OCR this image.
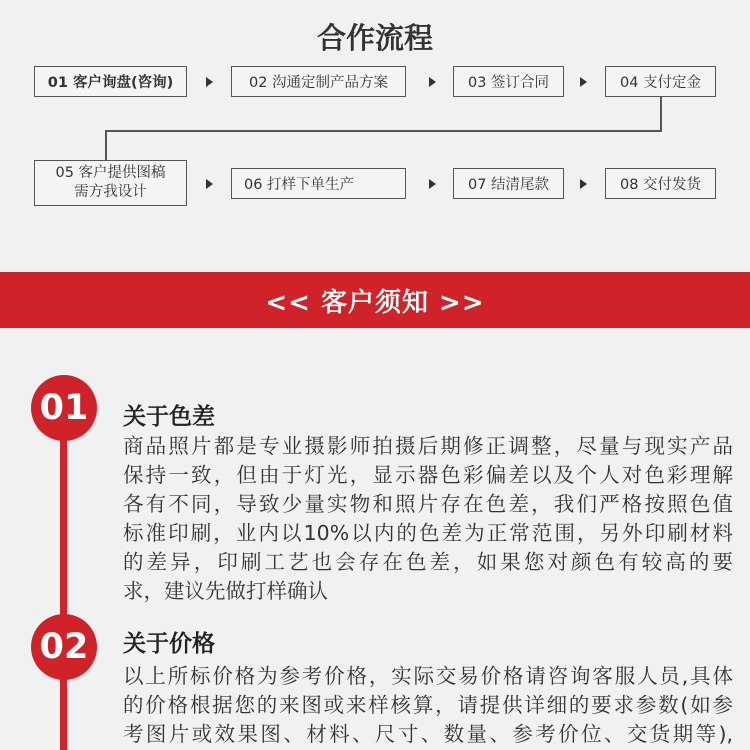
合作流程
01 客户询盘(咨询)	02 沟通定制产品方案	03 签订合同	04 支付定金
05 客户提供图稿
需方我设计	06 打样下单生产	07 结清尾款	08 交付发货
<< 客户须知 >>
01	关于色差
商品照片都是专业摄影师拍摄后期修正调整，尽量与现实产品
保持一致，但由于灯光，显示器色彩偏差以及个人对色彩理解
各有不同，导致少量实物和照片存在色差，我们严格按照色值
标准印刷，业内以10%以内的色差为正常范围，另外印刷材料
的差异，印刷工艺也会存在色差，如果您对颜色有较高的要
求，建议先做打样确认
02	关于价格
以上所标价格为参考价格，实际交易价格请咨询客服人员,具体
的价格根据您的来图或来样核算，请提供详细的要求参数(如参
考图片或效果图、材料、尺寸、数量、参考价位、交货期等),
